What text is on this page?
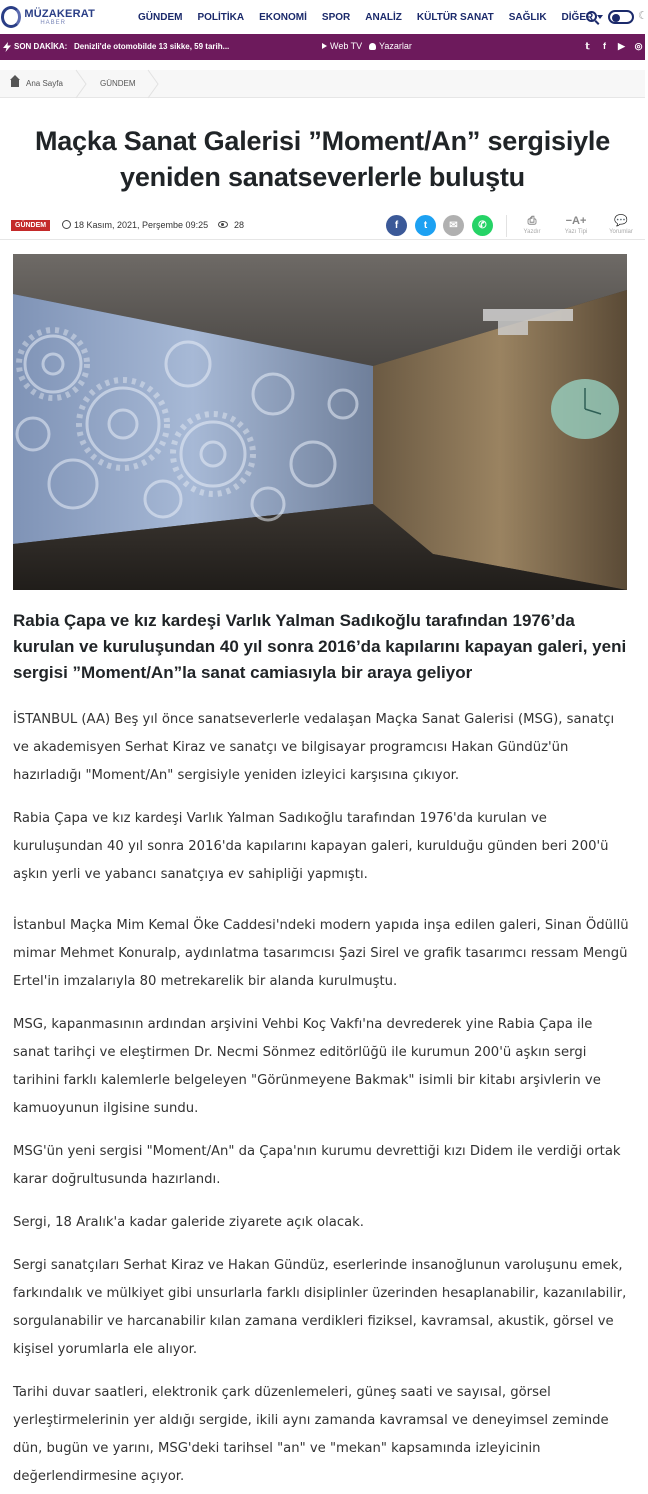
MÜZAKERAT
HABER	GÜNDEM POLİTİKA EKONOMİ SPOR ANALİZ KÜLTÜR SANAT SAĞLIK DİĞER	☾
SON DAKİKA: Denizli'de otomobilde 13 sikke, 59 tarih...	Web TV Yazarlar	𝕥	f	▶ ◎
Ana Sayfa	GÜNDEM
Maçka Sanat Galerisi ”Moment/An” sergisiyle yeniden sanatseverlerle buluştu
GÜNDEM	18 Kasım, 2021, Perşembe 09:25	28	f	t	✉	✆	⎙
Yazdır
−A+
Yazı Tipi
💬
Yorumlar

Rabia Çapa ve kız kardeşi Varlık Yalman Sadıkoğlu tarafından 1976’da kurulan ve kuruluşundan 40 yıl sonra 2016’da kapılarını kapayan galeri, yeni sergisi ”Moment/An”la sanat camiasıyla bir araya geliyor

İSTANBUL (AA) Beş yıl önce sanatseverlerle vedalaşan Maçka Sanat Galerisi (MSG), sanatçı ve akademisyen Serhat Kiraz ve sanatçı ve bilgisayar programcısı Hakan Gündüz'ün hazırladığı "Moment/An" sergisiyle yeniden izleyici karşısına çıkıyor.

Rabia Çapa ve kız kardeşi Varlık Yalman Sadıkoğlu tarafından 1976'da kurulan ve kuruluşundan 40 yıl sonra 2016'da kapılarını kapayan galeri, kurulduğu günden beri 200'ü aşkın yerli ve yabancı sanatçıya ev sahipliği yapmıştı.

İstanbul Maçka Mim Kemal Öke Caddesi'ndeki modern yapıda inşa edilen galeri, Sinan Ödüllü mimar Mehmet Konuralp, aydınlatma tasarımcısı Şazi Sirel ve grafik tasarımcı ressam Mengü Ertel'in imzalarıyla 80 metrekarelik bir alanda kurulmuştu.

MSG, kapanmasının ardından arşivini Vehbi Koç Vakfı'na devrederek yine Rabia Çapa ile sanat tarihçi ve eleştirmen Dr. Necmi Sönmez editörlüğü ile kurumun 200'ü aşkın sergi tarihini farklı kalemlerle belgeleyen "Görünmeyene Bakmak" isimli bir kitabı arşivlerin ve kamuoyunun ilgisine sundu.

MSG'ün yeni sergisi "Moment/An" da Çapa'nın kurumu devrettiği kızı Didem ile verdiği ortak karar doğrultusunda hazırlandı.

Sergi, 18 Aralık'a kadar galeride ziyarete açık olacak.

Sergi sanatçıları Serhat Kiraz ve Hakan Gündüz, eserlerinde insanoğlunun varoluşunu emek, farkındalık ve mülkiyet gibi unsurlarla farklı disiplinler üzerinden hesaplanabilir, kazanılabilir, sorgulanabilir ve harcanabilir kılan zamana verdikleri fiziksel, kavramsal, akustik, görsel ve kişisel yorumlarla ele alıyor.

Tarihi duvar saatleri, elektronik çark düzenlemeleri, güneş saati ve sayısal, görsel yerleştirmelerinin yer aldığı sergide, ikili aynı zamanda kavramsal ve deneyimsel zeminde dün, bugün ve yarını, MSG'deki tarihsel "an" ve "mekan" kapsamında izleyicinin değerlendirmesine açıyor.
